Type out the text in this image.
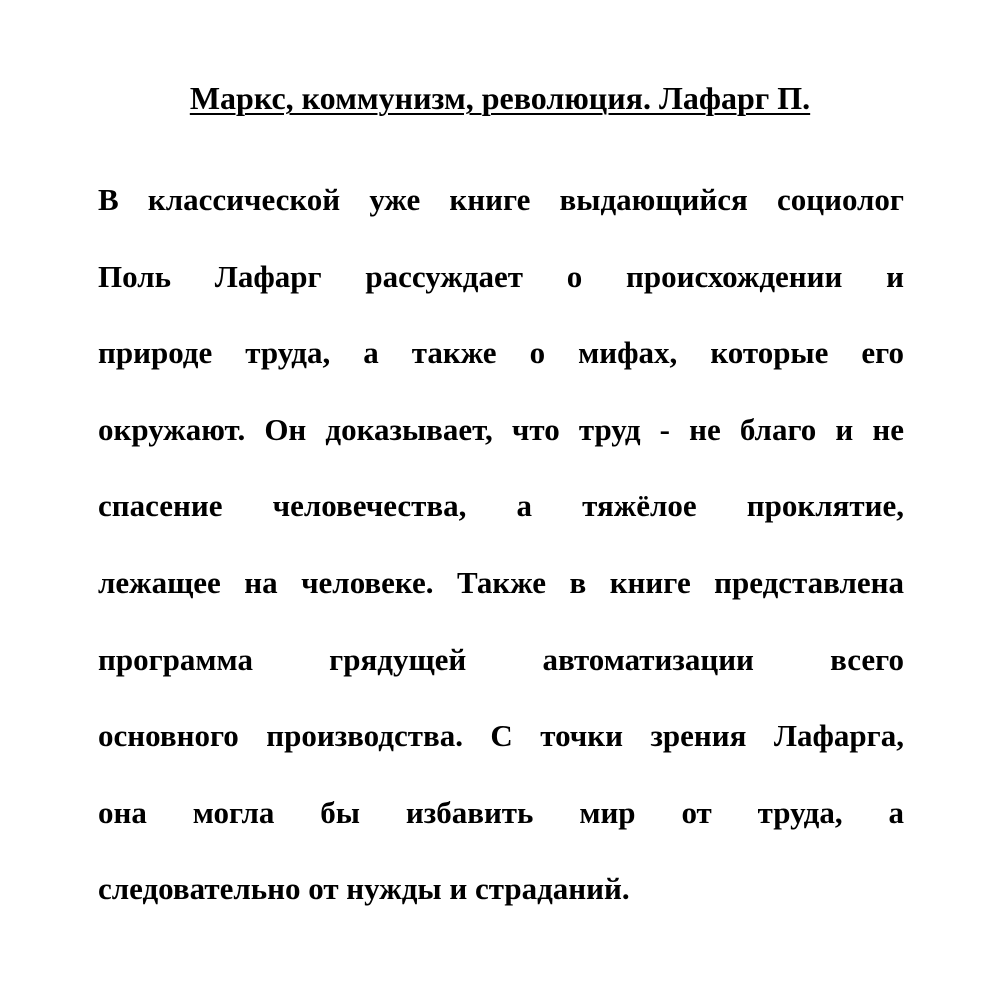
Маркс, коммунизм, революция. Лафарг П.
В классической уже книге выдающийся социолог
Поль Лафарг рассуждает о происхождении и
природе труда, а также о мифах, которые его
окружают. Он доказывает, что труд - не благо и не
спасение человечества, а тяжёлое проклятие,
лежащее на человеке. Также в книге представлена
программа грядущей автоматизации всего
основного производства. С точки зрения Лафарга,
она могла бы избавить мир от труда, а
следовательно от нужды и страданий.
